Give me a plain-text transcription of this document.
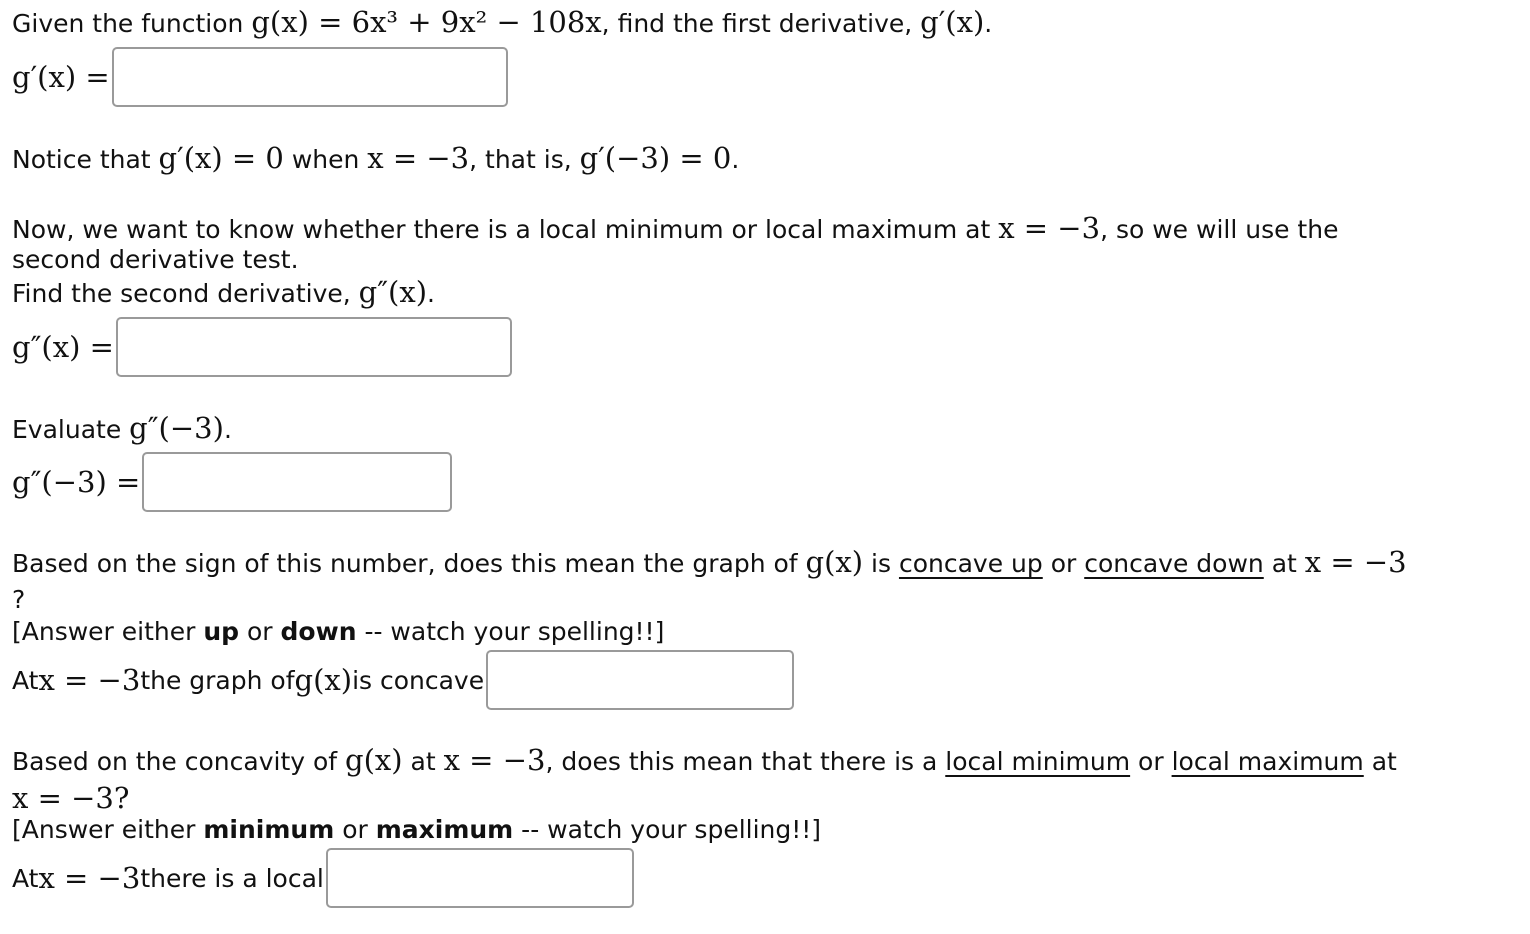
Given the function g(x) = 6x³ + 9x² − 108x, find the first derivative, g′(x).
g′(x) =
Notice that g′(x) = 0 when x = −3, that is, g′(−3) = 0.
Now, we want to know whether there is a local minimum or local maximum at x = −3, so we will use the
second derivative test.
Find the second derivative, g″(x).
g″(x) =
Evaluate g″(−3).
g″(−3) =
Based on the sign of this number, does this mean the graph of g(x) is concave up or concave down at x = −3
?
[Answer either up or down -- watch your spelling!!]
At x = −3 the graph of g(x) is concave
Based on the concavity of g(x) at x = −3, does this mean that there is a local minimum or local maximum at
x = −3?
[Answer either minimum or maximum -- watch your spelling!!]
At x = −3 there is a local
